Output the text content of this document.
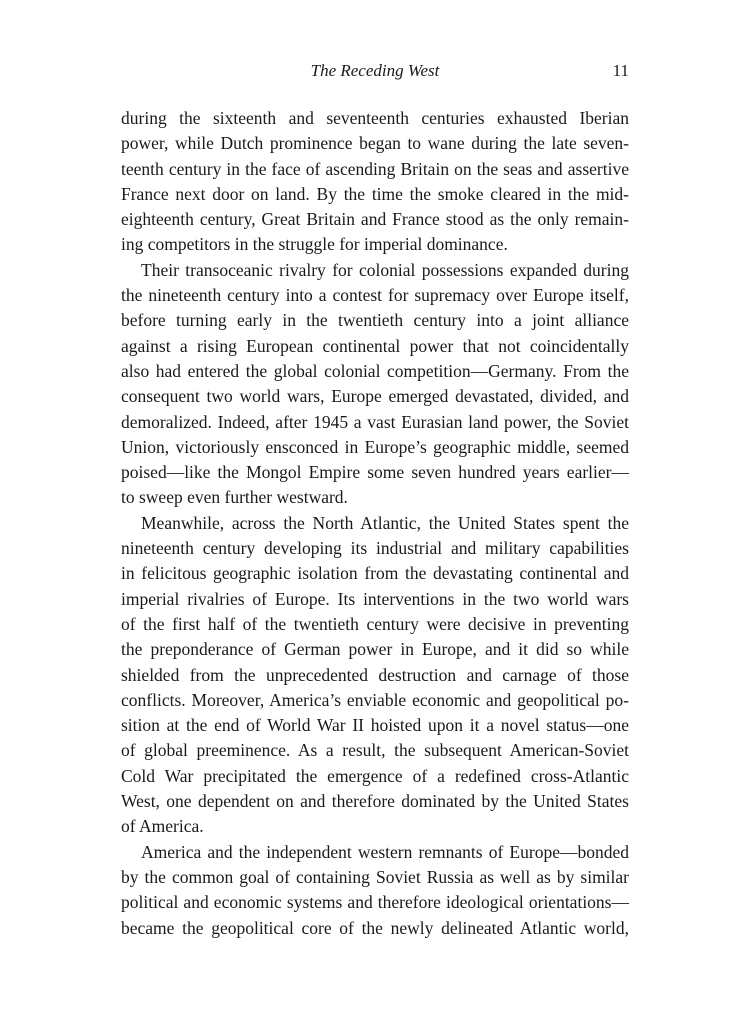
The Receding West	11
during the sixteenth and seventeenth centuries exhausted Iberian
power, while Dutch prominence began to wane during the late seven-
teenth century in the face of ascending Britain on the seas and assertive
France next door on land. By the time the smoke cleared in the mid-
eighteenth century, Great Britain and France stood as the only remain-
ing competitors in the struggle for imperial dominance.
Their transoceanic rivalry for colonial possessions expanded during
the nineteenth century into a contest for supremacy over Europe itself,
before turning early in the twentieth century into a joint alliance
against a rising European continental power that not coincidentally
also had entered the global colonial competition—Germany. From the
consequent two world wars, Europe emerged devastated, divided, and
demoralized. Indeed, after 1945 a vast Eurasian land power, the Soviet
Union, victoriously ensconced in Europe’s geographic middle, seemed
poised—like the Mongol Empire some seven hundred years earlier—
to sweep even further westward.
Meanwhile, across the North Atlantic, the United States spent the
nineteenth century developing its industrial and military capabilities
in felicitous geographic isolation from the devastating continental and
imperial rivalries of Europe. Its interventions in the two world wars
of the first half of the twentieth century were decisive in preventing
the preponderance of German power in Europe, and it did so while
shielded from the unprecedented destruction and carnage of those
conflicts. Moreover, America’s enviable economic and geopolitical po-
sition at the end of World War II hoisted upon it a novel status—one
of global preeminence. As a result, the subsequent American-Soviet
Cold War precipitated the emergence of a redefined cross-Atlantic
West, one dependent on and therefore dominated by the United States
of America.
America and the independent western remnants of Europe—bonded
by the common goal of containing Soviet Russia as well as by similar
political and economic systems and therefore ideological orientations—
became the geopolitical core of the newly delineated Atlantic world,
